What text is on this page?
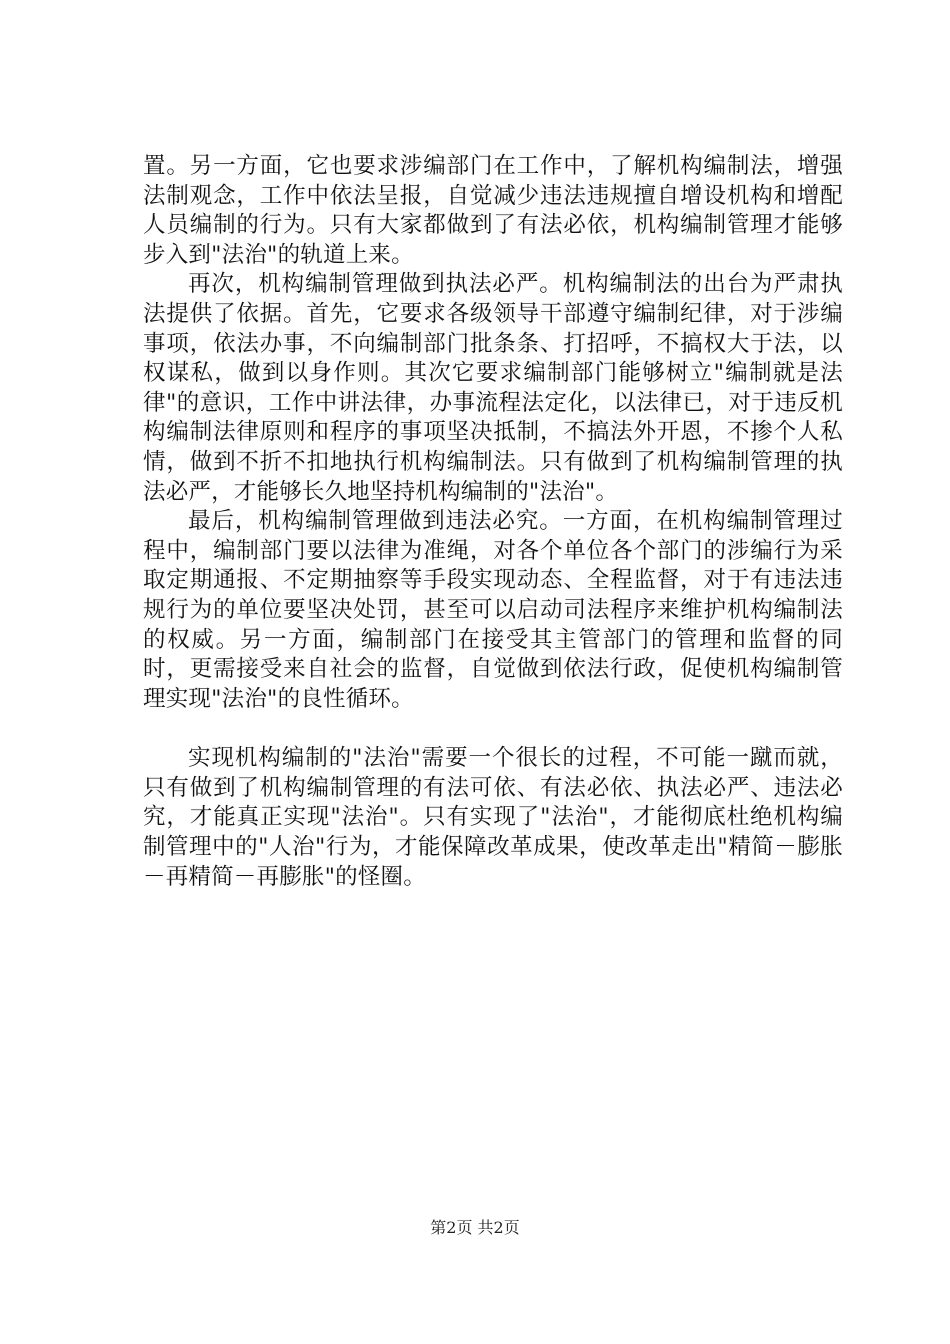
置。另一方面，它也要求涉编部门在工作中，了解机构编制法，增强法制观念，工作中依法呈报，自觉减少违法违规擅自增设机构和增配人员编制的行为。只有大家都做到了有法必依，机构编制管理才能够步入到"法治"的轨道上来。

再次，机构编制管理做到执法必严。机构编制法的出台为严肃执法提供了依据。首先，它要求各级领导干部遵守编制纪律，对于涉编事项，依法办事，不向编制部门批条条、打招呼，不搞权大于法，以权谋私，做到以身作则。其次它要求编制部门能够树立"编制就是法律"的意识，工作中讲法律，办事流程法定化，以法律已，对于违反机构编制法律原则和程序的事项坚决抵制，不搞法外开恩，不掺个人私情，做到不折不扣地执行机构编制法。只有做到了机构编制管理的执法必严，才能够长久地坚持机构编制的"法治"。

最后，机构编制管理做到违法必究。一方面，在机构编制管理过程中，编制部门要以法律为准绳，对各个单位各个部门的涉编行为采取定期通报、不定期抽察等手段实现动态、全程监督，对于有违法违规行为的单位要坚决处罚，甚至可以启动司法程序来维护机构编制法的权威。另一方面，编制部门在接受其主管部门的管理和监督的同时，更需接受来自社会的监督，自觉做到依法行政，促使机构编制管理实现"法治"的良性循环。

实现机构编制的"法治"需要一个很长的过程，不可能一蹴而就，只有做到了机构编制管理的有法可依、有法必依、执法必严、违法必究，才能真正实现"法治"。只有实现了"法治"，才能彻底杜绝机构编制管理中的"人治"行为，才能保障改革成果，使改革走出"精简－膨胀－再精简－再膨胀"的怪圈。

第2页 共2页
